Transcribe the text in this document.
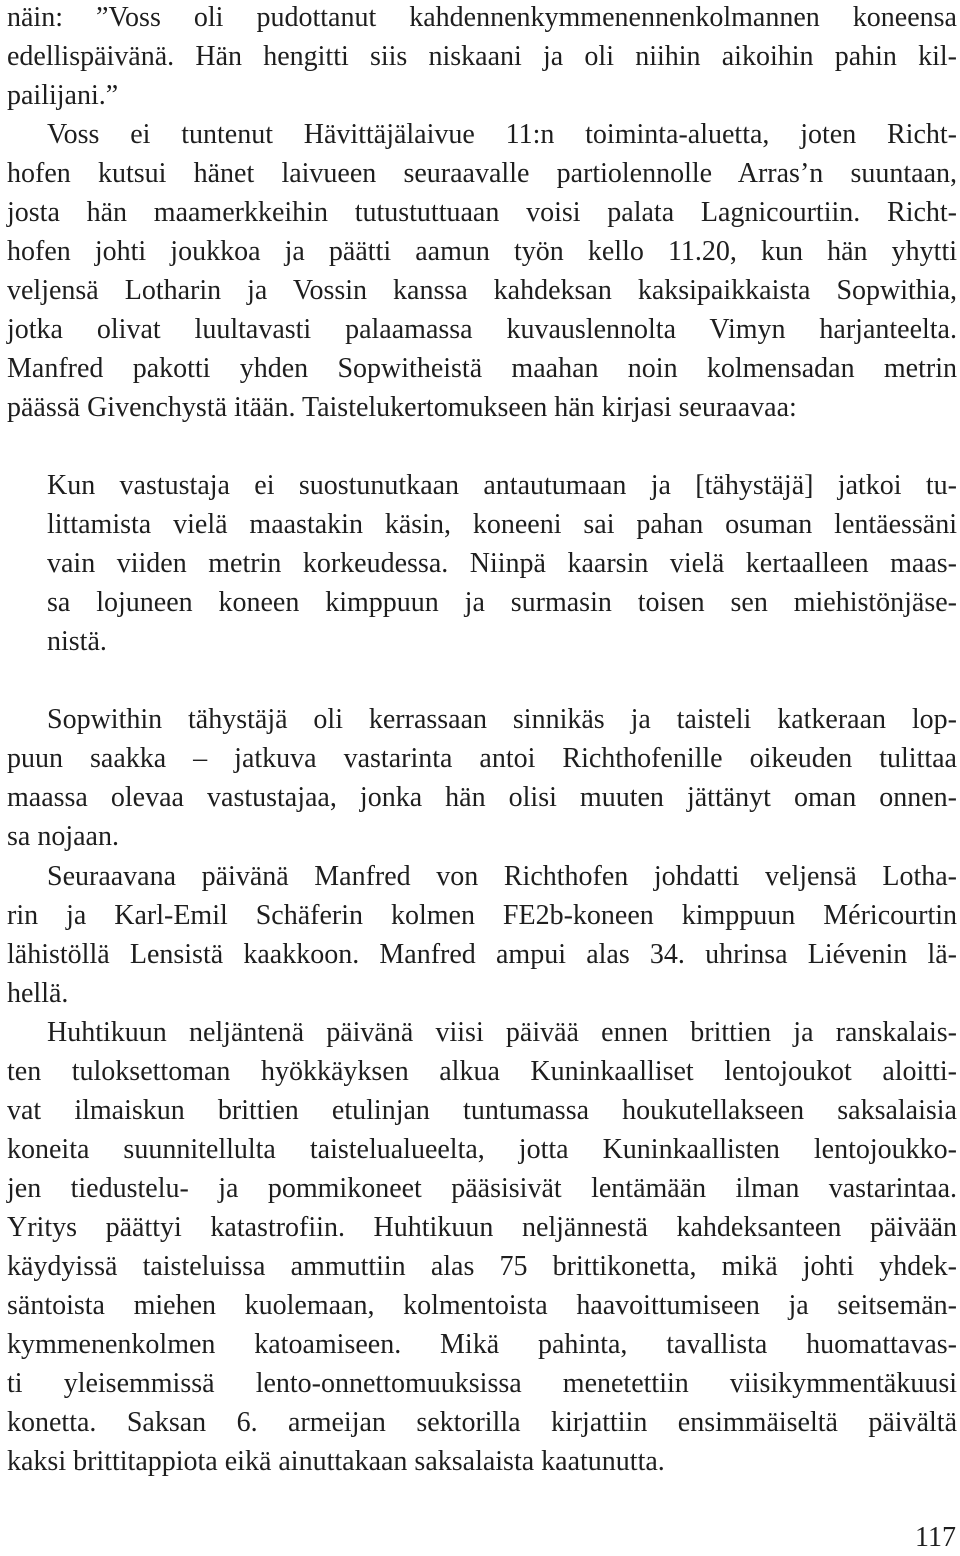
näin: ”Voss oli pudottanut kahdennenkymmenennenkolmannen koneensa
edellispäivänä. Hän hengitti siis niskaani ja oli niihin aikoihin pahin kil-
pailijani.”
Voss ei tuntenut Hävittäjälaivue 11:n toiminta-aluetta, joten Richt-
hofen kutsui hänet laivueen seuraavalle partiolennolle Arras’n suuntaan,
josta hän maamerkkeihin tutustuttuaan voisi palata Lagnicourtiin. Richt-
hofen johti joukkoa ja päätti aamun työn kello 11.20, kun hän yhytti
veljensä Lotharin ja Vossin kanssa kahdeksan kaksipaikkaista Sopwithia,
jotka olivat luultavasti palaamassa kuvauslennolta Vimyn harjanteelta.
Manfred pakotti yhden Sopwitheistä maahan noin kolmensadan metrin
päässä Givenchystä itään. Taistelukertomukseen hän kirjasi seuraavaa:
Kun vastustaja ei suostunutkaan antautumaan ja [tähystäjä] jatkoi tu-
littamista vielä maastakin käsin, koneeni sai pahan osuman lentäessäni
vain viiden metrin korkeudessa. Niinpä kaarsin vielä kertaalleen maas-
sa lojuneen koneen kimppuun ja surmasin toisen sen miehistönjäse-
nistä.
Sopwithin tähystäjä oli kerrassaan sinnikäs ja taisteli katkeraan lop-
puun saakka – jatkuva vastarinta antoi Richthofenille oikeuden tulittaa
maassa olevaa vastustajaa, jonka hän olisi muuten jättänyt oman onnen-
sa nojaan.
Seuraavana päivänä Manfred von Richthofen johdatti veljensä Lotha-
rin ja Karl-Emil Schäferin kolmen FE2b-koneen kimppuun Méricourtin
lähistöllä Lensistä kaakkoon. Manfred ampui alas 34. uhrinsa Liévenin lä-
hellä.
Huhtikuun neljäntenä päivänä viisi päivää ennen brittien ja ranskalais-
ten tuloksettoman hyökkäyksen alkua Kuninkaalliset lentojoukot aloitti-
vat ilmaiskun brittien etulinjan tuntumassa houkutellakseen saksalaisia
koneita suunnitellulta taistelualueelta, jotta Kuninkaallisten lentojoukko-
jen tiedustelu- ja pommikoneet pääsisivät lentämään ilman vastarintaa.
Yritys päättyi katastrofiin. Huhtikuun neljännestä kahdeksanteen päivään
käydyissä taisteluissa ammuttiin alas 75 brittikonetta, mikä johti yhdek-
säntoista miehen kuolemaan, kolmentoista haavoittumiseen ja seitsemän-
kymmenenkolmen katoamiseen. Mikä pahinta, tavallista huomattavas-
ti yleisemmissä lento-onnettomuuksissa menetettiin viisikymmentäkuusi
konetta. Saksan 6. armeijan sektorilla kirjattiin ensimmäiseltä päivältä
kaksi brittitappiota eikä ainuttakaan saksalaista kaatunutta.
117
